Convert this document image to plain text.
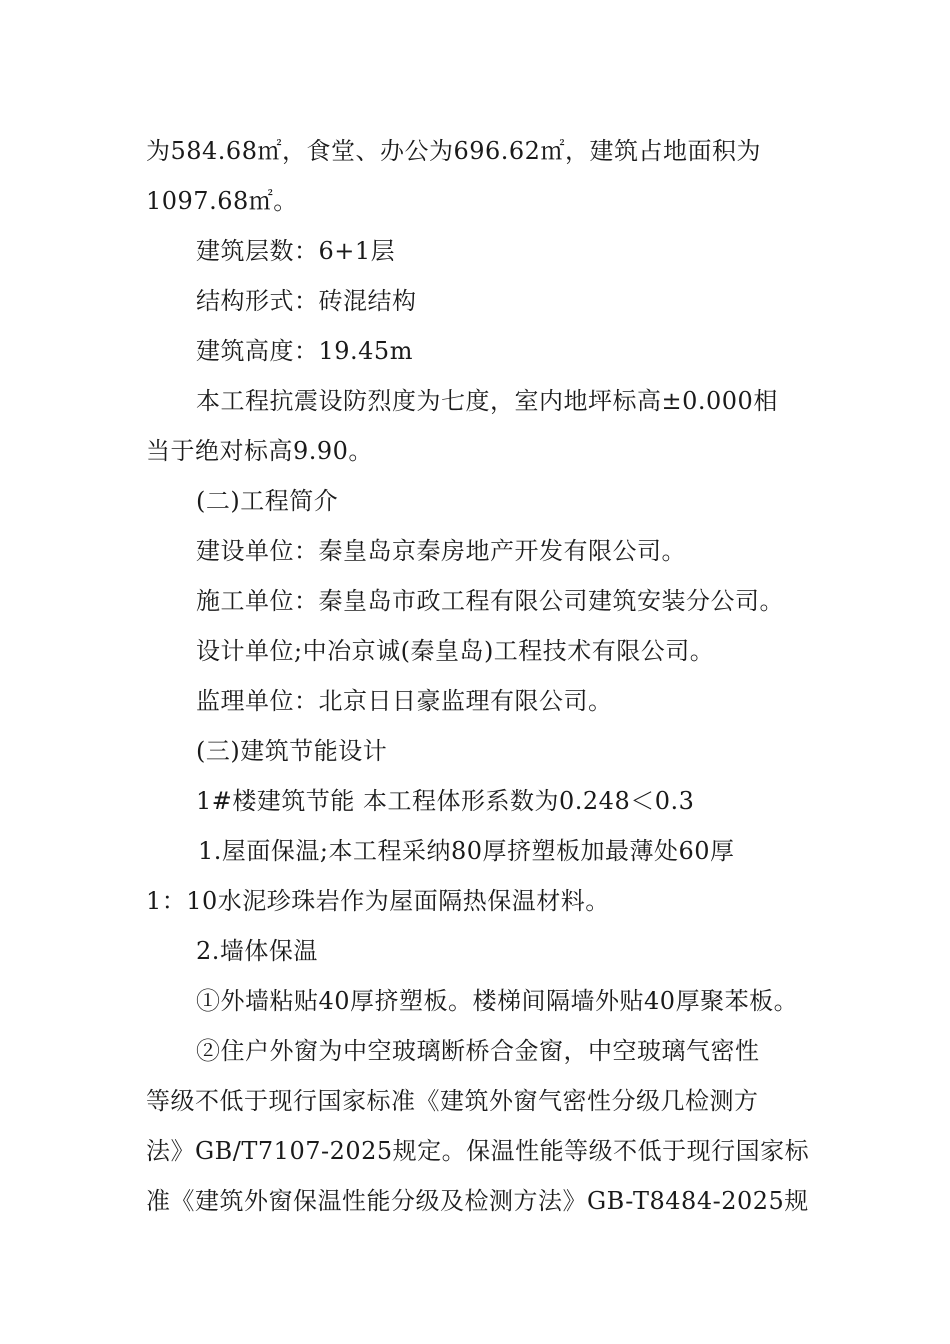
为584.68㎡，食堂、办公为696.62㎡，建筑占地面积为
1097.68㎡。
建筑层数：6+1层
结构形式：砖混结构
建筑高度：19.45m
本工程抗震设防烈度为七度，室内地坪标高±0.000相
当于绝对标高9.90。
(二)工程简介
建设单位：秦皇岛京秦房地产开发有限公司。
施工单位：秦皇岛市政工程有限公司建筑安装分公司。
设计单位;中冶京诚(秦皇岛)工程技术有限公司。
监理单位：北京日日豪监理有限公司。
(三)建筑节能设计
1#楼建筑节能 本工程体形系数为0.248＜0.3
1.屋面保温;本工程采纳80厚挤塑板加最薄处60厚
1：10水泥珍珠岩作为屋面隔热保温材料。
2.墙体保温
①外墙粘贴40厚挤塑板。楼梯间隔墙外贴40厚聚苯板。
②住户外窗为中空玻璃断桥合金窗，中空玻璃气密性
等级不低于现行国家标准《建筑外窗气密性分级几检测方
法》GB/T7107-2025规定。保温性能等级不低于现行国家标
准《建筑外窗保温性能分级及检测方法》GB-T8484-2025规
